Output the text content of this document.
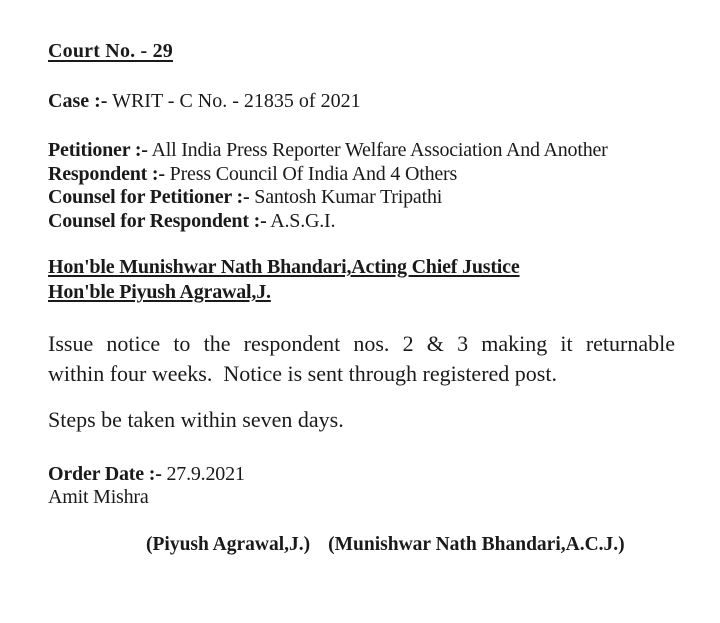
Court No. - 29
Case :- WRIT - C No. - 21835 of 2021
Petitioner :- All India Press Reporter Welfare Association And Another
Respondent :- Press Council Of India And 4 Others
Counsel for Petitioner :- Santosh Kumar Tripathi
Counsel for Respondent :- A.S.G.I.
Hon'ble Munishwar Nath Bhandari,Acting Chief Justice
Hon'ble Piyush Agrawal,J.
Issue notice to the respondent nos. 2 & 3 making it returnable
within four weeks.  Notice is sent through registered post.
Steps be taken within seven days.
Order Date :- 27.9.2021
Amit Mishra
(Piyush Agrawal,J.) (Munishwar Nath Bhandari,A.C.J.)
